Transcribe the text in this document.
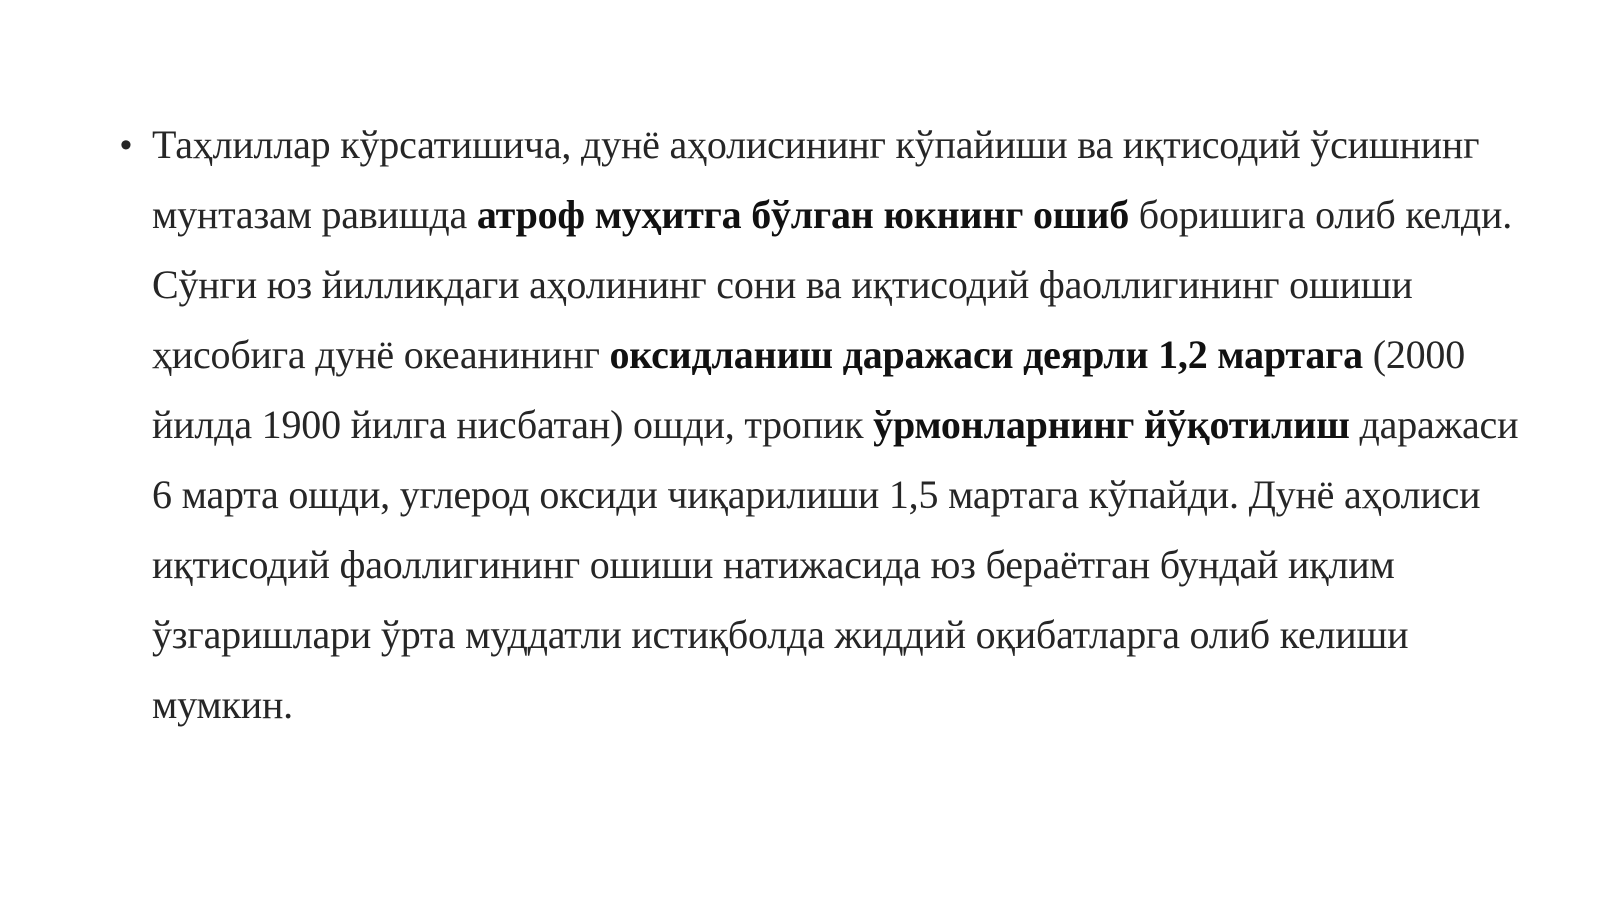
• Таҳлиллар кўрсатишича, дунё аҳолисининг кўпайиши ва иқтисодий ўсишнинг мунтазам равишда атроф муҳитга бўлган юкнинг ошиб боришига олиб келди. Сўнги юз йилликдаги аҳолининг сони ва иқтисодий фаоллигининг ошиши ҳисобига дунё океанининг оксидланиш даражаси деярли 1,2 мартага (2000 йилда 1900 йилга нисбатан) ошди, тропик ўрмонларнинг йўқотилиш даражаси 6 марта ошди, углерод оксиди чиқарилиши 1,5 мартага кўпайди. Дунё аҳолиси иқтисодий фаоллигининг ошиши натижасида юз бераётган бундай иқлим ўзгаришлари ўрта муддатли истиқболда жиддий оқибатларга олиб келиши мумкин.
